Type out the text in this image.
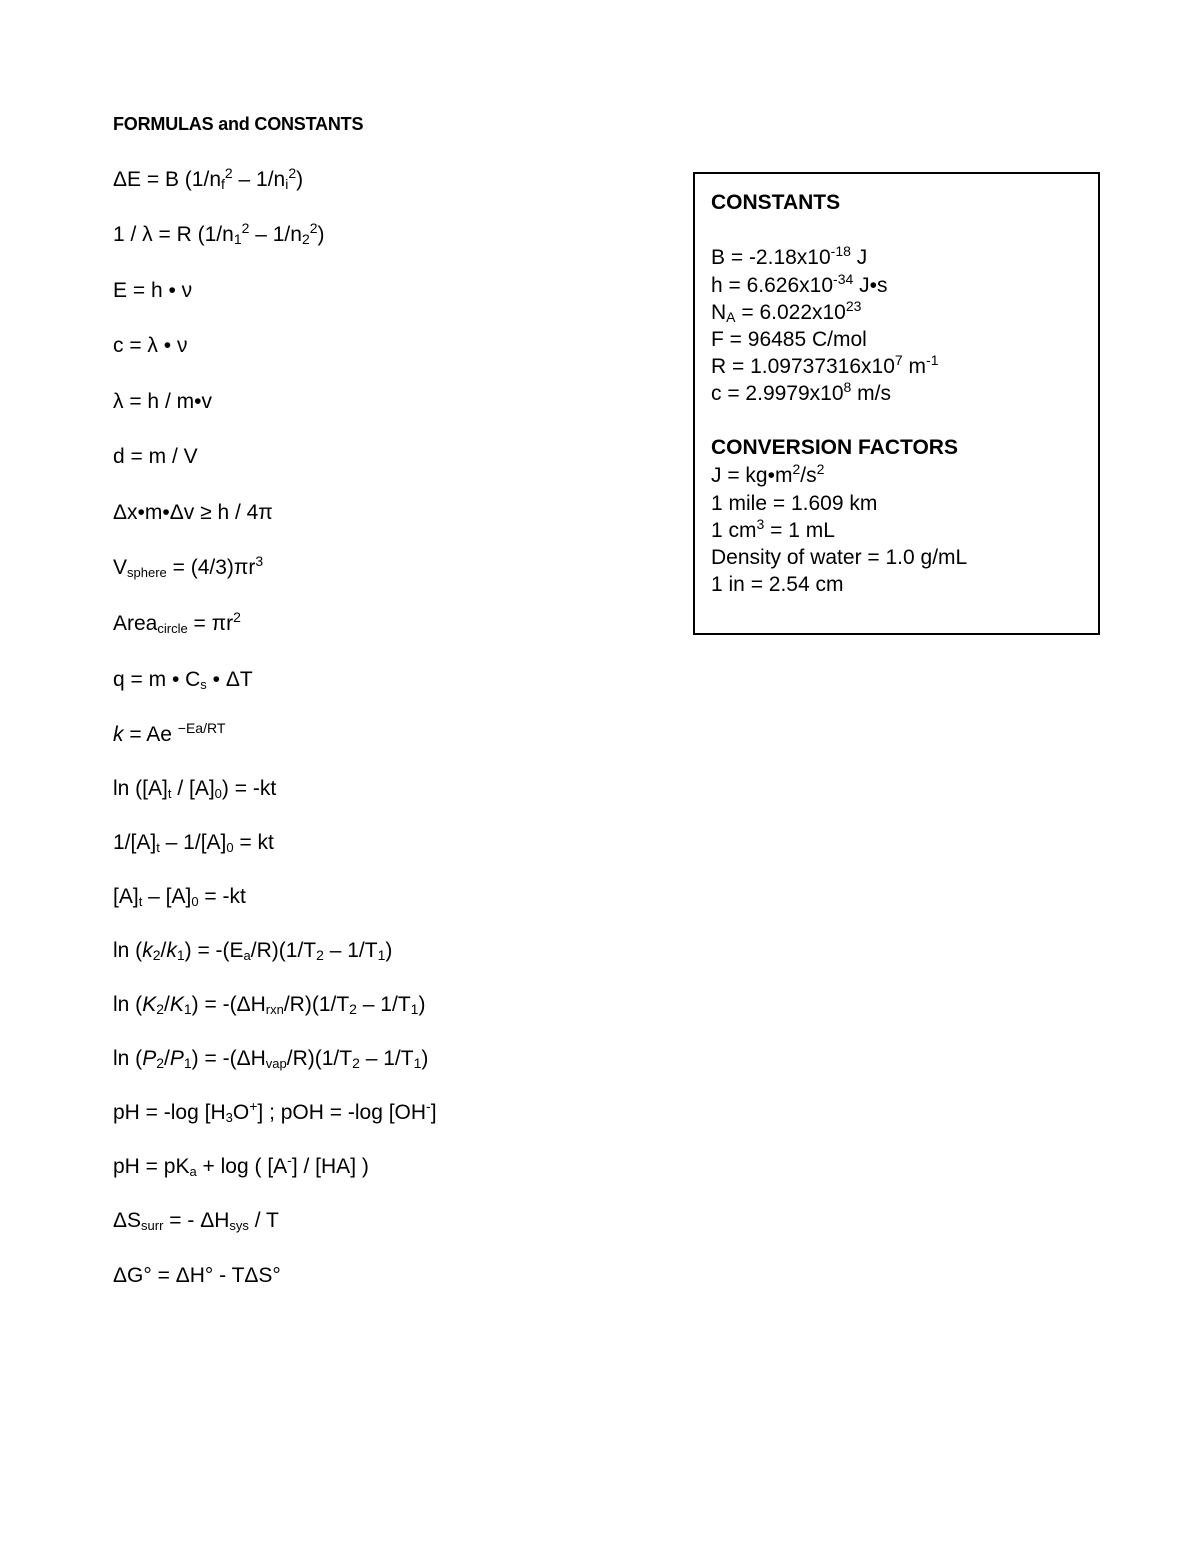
FORMULAS and CONSTANTS
ΔE = B $(1/n_f^2 - 1/n_i^2)$
1 / λ = R $(1/n_1^2 - 1/n_2^2)$
E = h • ν
c = λ • ν
λ = h / m•v
d = m / V
Δx•m•Δv ≥ h / 4π
$V_{sphere} = (4/3)\pi r^3$
Area$_{circle}$ = $\pi r^2$
q = m • $C_s$ • ΔT
k = Ae $^{-Ea/RT}$
$\ln ([A]_t / [A]_0) = -kt$
$1/[A]_t - 1/[A]_0$ = kt
$[A]_t - [A]_0 = -kt$
$\ln (k_2/k_1) = -(E_a/R)(1/T_2 - 1/T_1)$
$\ln (K_2/K_1) = -(\Delta H_{rxn}/R)(1/T_2 - 1/T_1)$
$\ln (P_2/P_1) = -(\Delta H_{vap}/R)(1/T_2 - 1/T_1)$
pH = -log $[H_3O^+]$ ; pOH = -log [OH-]
pH = $pK_a + \log$ ( [A-] / [HA] )
$\Delta S_{surr}$ = - $\Delta H_{sys}$ / T
ΔG° = ΔH° - TΔS°
CONSTANTS
$B = -2.18x10^{-18}$ J
$h = 6.626x10^{-34}$ J•s
$N_A = 6.022x10^{23}$
F = 96485 C/mol
$R = 1.09737316x10^7$ $m^{-1}$
$c = 2.9979x10^8$ m/s
CONVERSION FACTORS
$J = kg•m^2/s^2$
1 mile = 1.609 km
1 $cm^3 = 1$ mL
Density of water = 1.0 g/mL
1 in = 2.54 cm
